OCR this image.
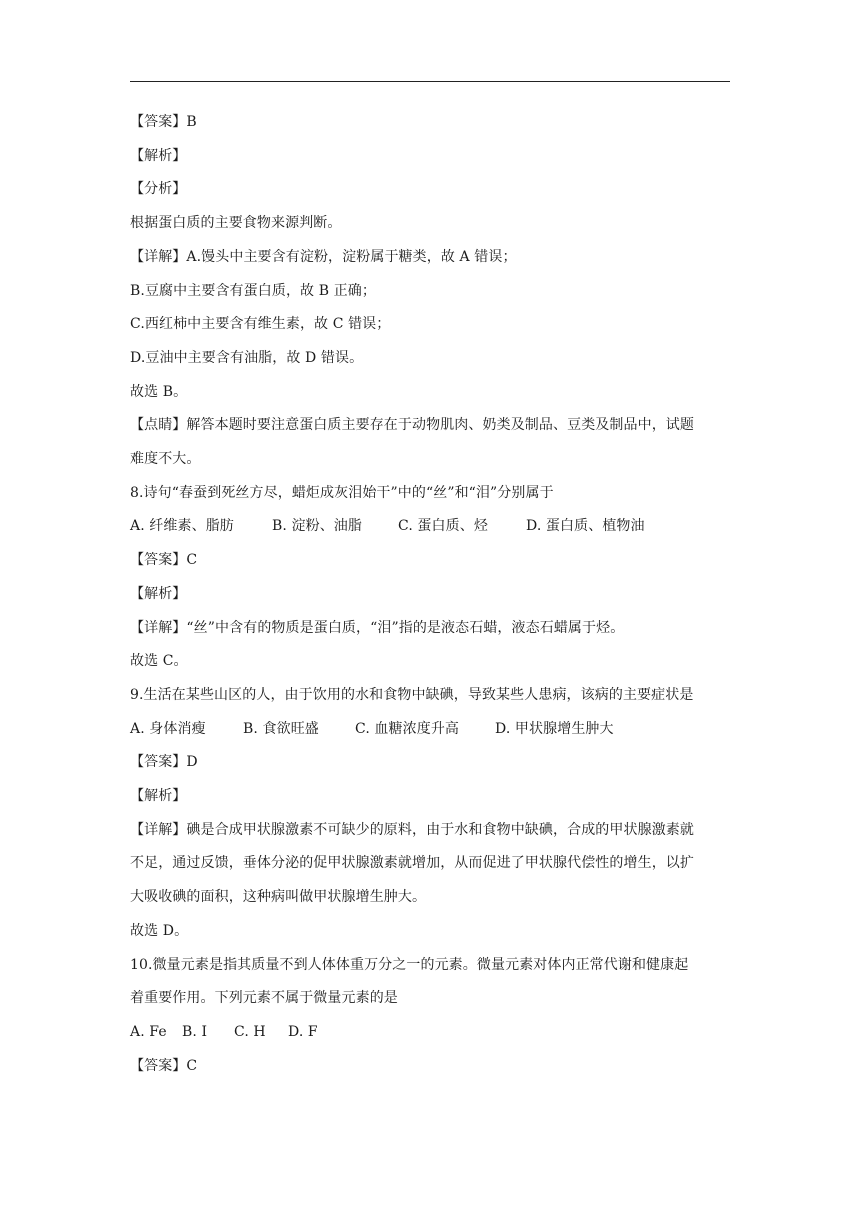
【答案】B
【解析】
【分析】
根据蛋白质的主要食物来源判断。
【详解】A.馒头中主要含有淀粉，淀粉属于糖类，故 A 错误；
B.豆腐中主要含有蛋白质，故 B 正确；
C.西红柿中主要含有维生素，故 C 错误；
D.豆油中主要含有油脂，故 D 错误。
故选 B。
【点睛】解答本题时要注意蛋白质主要存在于动物肌肉、奶类及制品、豆类及制品中，试题
难度不大。
8.诗句“春蚕到死丝方尽，蜡炬成灰泪始干”中的“丝”和“泪”分别属于
A. 纤维素、脂肪	B. 淀粉、油脂	C. 蛋白质、烃	D. 蛋白质、植物油
【答案】C
【解析】
【详解】“丝”中含有的物质是蛋白质，“泪”指的是液态石蜡，液态石蜡属于烃。
故选 C。
9.生活在某些山区的人，由于饮用的水和食物中缺碘，导致某些人患病，该病的主要症状是
A. 身体消瘦	B. 食欲旺盛	C. 血糖浓度升高	D. 甲状腺增生肿大
【答案】D
【解析】
【详解】碘是合成甲状腺激素不可缺少的原料，由于水和食物中缺碘，合成的甲状腺激素就
不足，通过反馈，垂体分泌的促甲状腺激素就增加，从而促进了甲状腺代偿性的增生，以扩
大吸收碘的面积，这种病叫做甲状腺增生肿大。
故选 D。
10.微量元素是指其质量不到人体体重万分之一的元素。微量元素对体内正常代谢和健康起
着重要作用。下列元素不属于微量元素的是
A. Fe B. I C. H D. F
【答案】C
